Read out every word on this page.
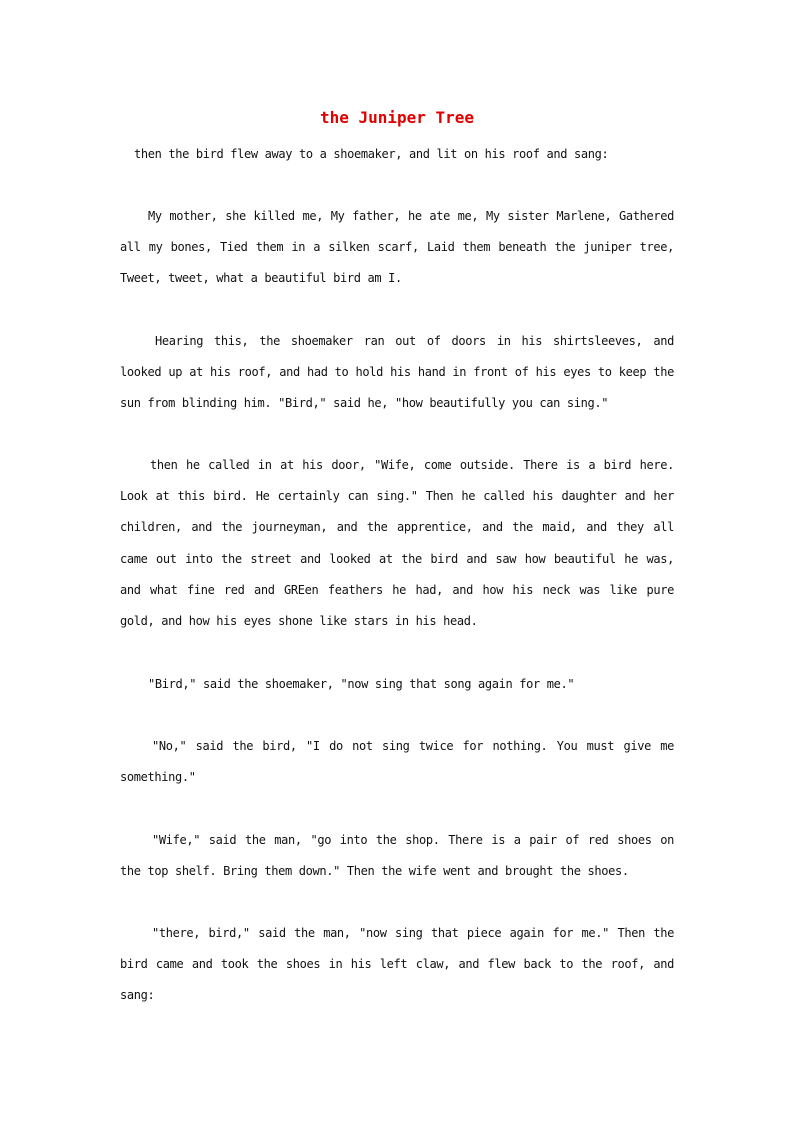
the Juniper Tree

then the bird flew away to a shoemaker, and lit on his roof and sang:

My mother, she killed me, My father, he ate me, My sister Marlene, Gathered all my bones, Tied them in a silken scarf, Laid them beneath the juniper tree, Tweet, tweet, what a beautiful bird am I.

Hearing this, the shoemaker ran out of doors in his shirtsleeves, and looked up at his roof, and had to hold his hand in front of his eyes to keep the sun from blinding him. "Bird," said he, "how beautifully you can sing."

then he called in at his door, "Wife, come outside. There is a bird here. Look at this bird. He certainly can sing." Then he called his daughter and her children, and the journeyman, and the apprentice, and the maid, and they all came out into the street and looked at the bird and saw how beautiful he was, and what fine red and GREen feathers he had, and how his neck was like pure gold, and how his eyes shone like stars in his head.

"Bird," said the shoemaker, "now sing that song again for me."

"No," said the bird, "I do not sing twice for nothing. You must give me something."

"Wife," said the man, "go into the shop. There is a pair of red shoes on the top shelf. Bring them down." Then the wife went and brought the shoes.

"there, bird," said the man, "now sing that piece again for me." Then the bird came and took the shoes in his left claw, and flew back to the roof, and sang:
